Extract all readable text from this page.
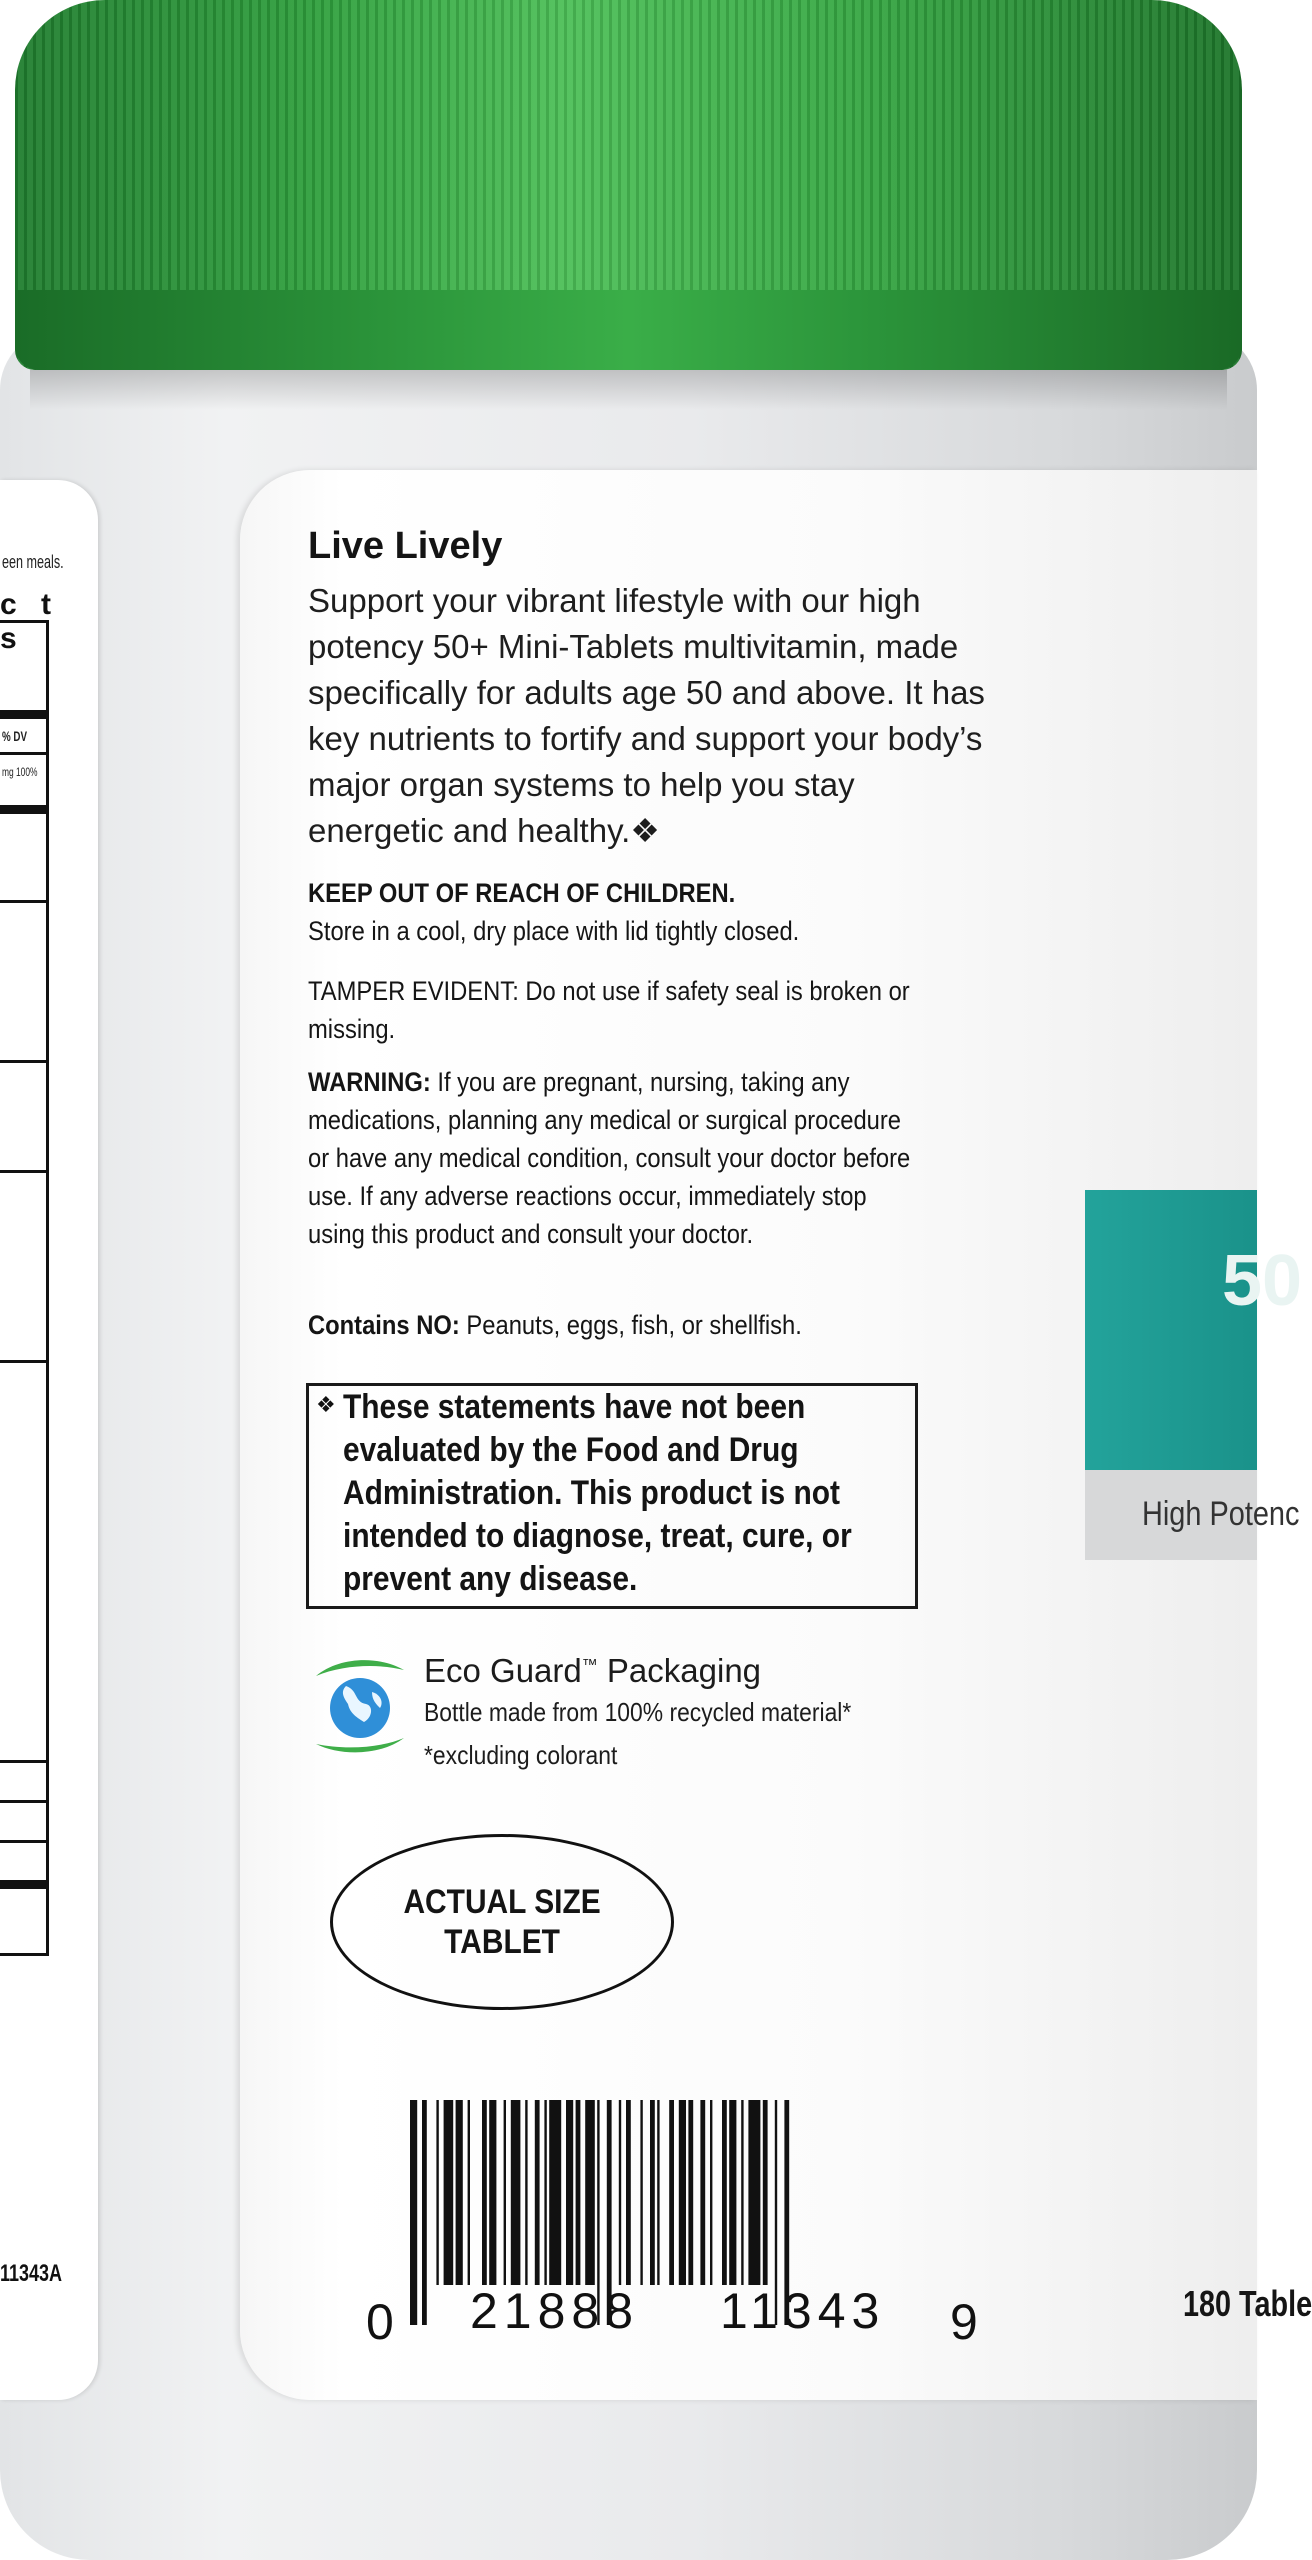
een meals.
c t s
% DV
mg 100%
11343A
Live Lively
Support your vibrant lifestyle with our high potency 50+ Mini-Tablets multivitamin, made specifically for adults age 50 and above. It has key nutrients to fortify and support your body’s major organ systems to help you stay energetic and healthy.❖
KEEP OUT OF REACH OF CHILDREN.
Store in a cool, dry place with lid tightly closed.
TAMPER EVIDENT: Do not use if safety seal is broken or missing.
WARNING: If you are pregnant, nursing, taking any medications, planning any medical or surgical procedure or have any medical condition, consult your doctor before use. If any adverse reactions occur, immediately stop using this product and consult your doctor.
Contains NO: Peanuts, eggs, fish, or shellfish.
❖ These statements have not been evaluated by the Food and Drug Administration. This product is not intended to diagnose, treat, cure, or prevent any disease.
Eco Guard™ Packaging
Bottle made from 100% recycled material*
*excluding colorant
ACTUAL SIZE
TABLET
0 21888 11343 9
50
High Potenc
180 Table
